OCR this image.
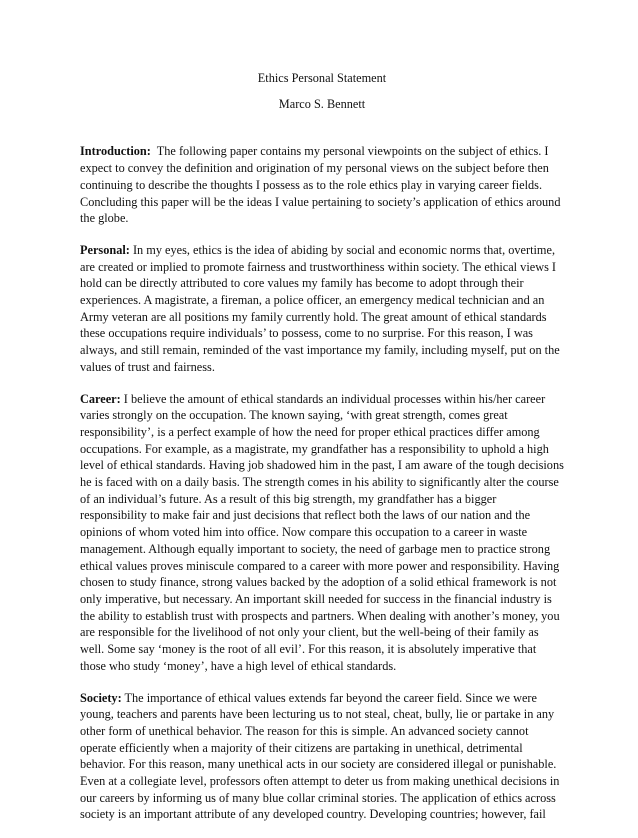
Ethics Personal Statement
Marco S. Bennett

Introduction:  The following paper contains my personal viewpoints on the subject of ethics. I expect to convey the definition and origination of my personal views on the subject before then continuing to describe the thoughts I possess as to the role ethics play in varying career fields. Concluding this paper will be the ideas I value pertaining to society’s application of ethics around the globe.

Personal: In my eyes, ethics is the idea of abiding by social and economic norms that, overtime, are created or implied to promote fairness and trustworthiness within society. The ethical views I hold can be directly attributed to core values my family has become to adopt through their experiences. A magistrate, a fireman, a police officer, an emergency medical technician and an Army veteran are all positions my family currently hold. The great amount of ethical standards these occupations require individuals’ to possess, come to no surprise. For this reason, I was always, and still remain, reminded of the vast importance my family, including myself, put on the values of trust and fairness.

Career: I believe the amount of ethical standards an individual processes within his/her career varies strongly on the occupation. The known saying, ‘with great strength, comes great responsibility’, is a perfect example of how the need for proper ethical practices differ among occupations. For example, as a magistrate, my grandfather has a responsibility to uphold a high level of ethical standards. Having job shadowed him in the past, I am aware of the tough decisions he is faced with on a daily basis. The strength comes in his ability to significantly alter the course of an individual’s future. As a result of this big strength, my grandfather has a bigger responsibility to make fair and just decisions that reflect both the laws of our nation and the opinions of whom voted him into office. Now compare this occupation to a career in waste management. Although equally important to society, the need of garbage men to practice strong ethical values proves miniscule compared to a career with more power and responsibility. Having chosen to study finance, strong values backed by the adoption of a solid ethical framework is not only imperative, but necessary. An important skill needed for success in the financial industry is the ability to establish trust with prospects and partners. When dealing with another’s money, you are responsible for the livelihood of not only your client, but the well-being of their family as well. Some say ‘money is the root of all evil’. For this reason, it is absolutely imperative that those who study ‘money’, have a high level of ethical standards.

Society: The importance of ethical values extends far beyond the career field. Since we were young, teachers and parents have been lecturing us to not steal, cheat, bully, lie or partake in any other form of unethical behavior. The reason for this is simple. An advanced society cannot operate efficiently when a majority of their citizens are partaking in unethical, detrimental behavior. For this reason, many unethical acts in our society are considered illegal or punishable. Even at a collegiate level, professors often attempt to deter us from making unethical decisions in our careers by informing us of many blue collar criminal stories. The application of ethics across society is an important attribute of any developed country. Developing countries; however, fail
